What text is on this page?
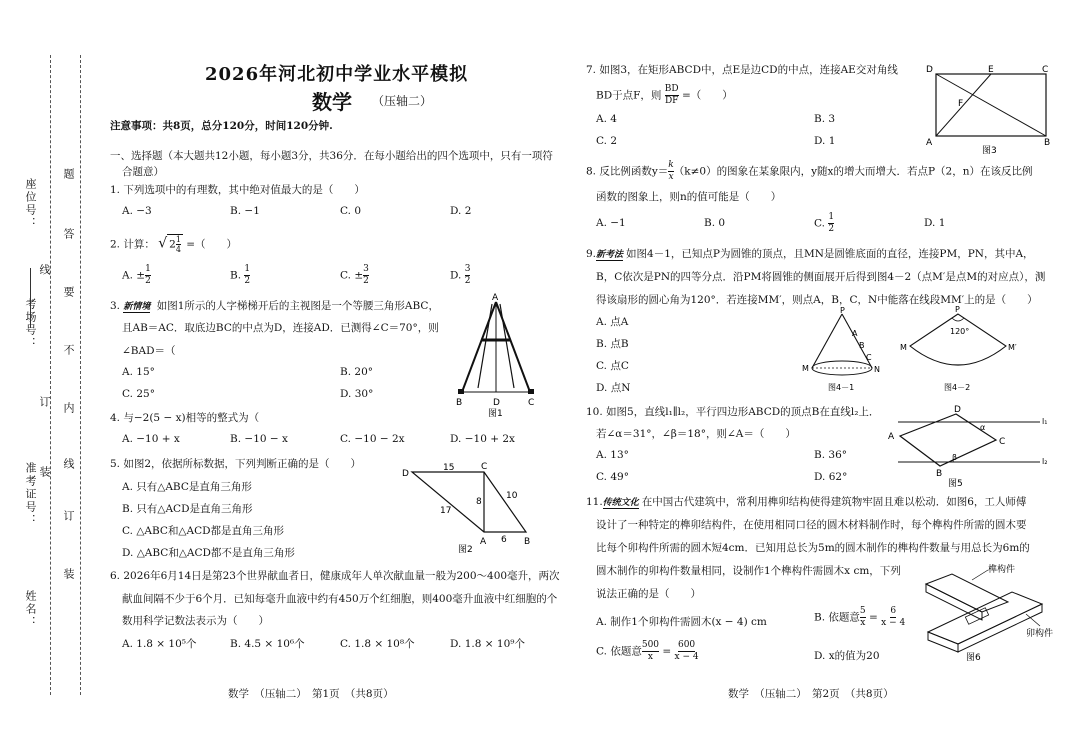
座位号：
考场号：
准考证号：
姓名：
题
答
要
不
内
线
线
订
装
订
装
2026年河北初中学业水平模拟
数学 （压轴二）
注意事项：共8页，总分120分，时间120分钟.
一、选择题（本大题共12小题，每小题3分，共36分．在每小题给出的四个选项中，只有一项符
合题意）
1. 下列选项中的有理数，其中绝对值最大的是（　　）
A. −3	B. −1	C. 0	D. 2
2. 计算： √ $2 \frac{1}{4}$ =（　　）
A. ± $\frac{1}{2}$	B. $\frac{1}{2}$	C. ± $\frac{3}{2}$	D. $\frac{3}{2}$
3. 新情境 如图1所示的人字梯梯开后的主视图是一个等腰三角形ABC，
且AB＝AC．取底边BC的中点为D，连接AD．已测得∠C＝70°，则
∠BAD＝（
A. 15°	B. 20°
C. 25°	D. 30°
A
B	D	C
图1
4. 与−2(5 − x)相等的整式为（
A. −10 + x	B. −10 − x	C. −10 − 2x	D. −10 + 2x
5. 如图2，依据所标数据，下列判断正确的是（　　）
A. 只有△ABC是直角三角形
B. 只有△ACD是直角三角形
C. △ABC和△ACD都是直角三角形
D. △ABC和△ACD都不是直角三角形
D
C
A	B
15
8
10
17
6
图2
6. 2026年6月14日是第23个世界献血者日，健康成年人单次献血量一般为200～400毫升，两次
献血间隔不少于6个月．已知每毫升血液中约有450万个红细胞，则400毫升血液中红细胞的个
数用科学记数法表示为（　　）
A. 1.8 × 10⁵个	B. 4.5 × 10⁶个	C. 1.8 × 10⁸个	D. 1.8 × 10⁹个
数学　（压轴二）　第1页　（共8页）
7. 如图3，在矩形ABCD中，点E是边CD的中点，连接AE交对角线
BD于点F，则 $\frac{BD}{DF}$ =（　　）
A. 4	B. 3
C. 2	D. 1
D	E	C
F
A	B
图3
8. 反比例函数$y= \frac{k}{x} (k\ne 0)$的图象在某象限内，y随x的增大而增大．若点P（2，n）在该反比例
函数的图象上，则n的值可能是（　　）
A. −1	B. 0	C. $\frac{1}{2}$	D. 1
9.新考法 如图4－1，已知点P为圆锥的顶点，且MN是圆锥底面的直径，连接PM，PN，其中A，
B，C依次是PN的四等分点．沿PM将圆锥的侧面展开后得到图4－2（点M′是点M的对应点），测
得该扇形的圆心角为120°．若连接MM′，则点A，B，C，N中能落在线段MM′上的是（　　）
A. 点A
B. 点B
C. 点C
D. 点N
P
A
B
C
M	N
图4－1
P
120°
M	M′
图4－2
10. 如图5，直线l₁∥l₂，平行四边形ABCD的顶点B在直线l₂上．
若∠α＝31°，∠β＝18°，则∠A＝（　　）
A. 13°	B. 36°
C. 49°	D. 62°
D
A	C
B
l₁
l₂
α
β
图5
11.传统文化 在中国古代建筑中，常利用榫卯结构使得建筑物牢固且难以松动．如图6，工人师傅
设计了一种特定的榫卯结构件，在使用相同口径的圆木材料制作时，每个榫构件所需的圆木要
比每个卯构件所需的圆木短4cm．已知用总长为5m的圆木制作的榫构件数量与用总长为6m的
圆木制作的卯构件数量相同，设制作1个榫构件需圆木x cm，下列
说法正确的是（　　）
A. 制作1个卯构件需圆木(x − 4) cm	B. 依题意 $\frac{5}{x} = \frac{6}{x - 4}$
C. 依题意 $\frac{500}{x} = \frac{600}{x - 4}$	D. x的值为20
榫构件
卯构件
图6
数学　（压轴二）　第2页　（共8页）
